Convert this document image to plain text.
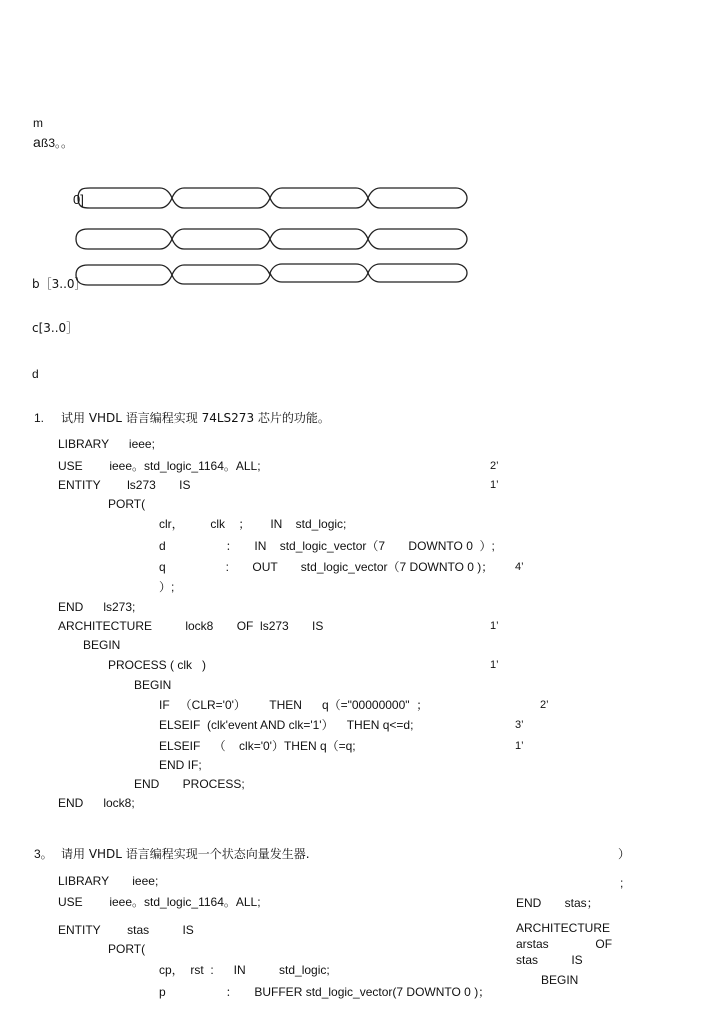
m
a ß3。。
0]
b［3..0］
c[3..0］
d
1. 试用 VHDL 语言编程实现 74LS273 芯片的功能。
LIBRARY      ieee;
USE        ieee。std_logic_1164。ALL;	2’
ENTITY        ls273       IS	1’
PORT(
clr，        clk    ；      IN    std_logic;
d                  ：     IN    std_logic_vector（7       DOWNTO 0  ）;
q                  :       OUT       std_logic_vector（7 DOWNTO 0 )； 4’
）;
END      ls273;
ARCHITECTURE          lock8       OF  ls273       IS	1’
BEGIN
PROCESS ( clk   )	1’
BEGIN
IF   （CLR='0'）       THEN      q（="00000000"  ；	2’
ELSEIF  (clk'event AND clk='1'）    THEN q<=d;	3’
ELSEIF    （    clk='0'）THEN q（=q;	1’
END IF;
END       PROCESS;
END      lock8;
3。 请用 VHDL 语言编程实现一个状态向量发生器.	）
;
LIBRARY       ieee;
USE        ieee。std_logic_1164。ALL;
ENTITY        stas          IS
PORT(
cp，  rst  :      IN          std_logic;
p                  ：     BUFFER std_logic_vector(7 DOWNTO 0 )；
END       stas；
ARCHITECTURE
arstas              OF
stas          IS
BEGIN
